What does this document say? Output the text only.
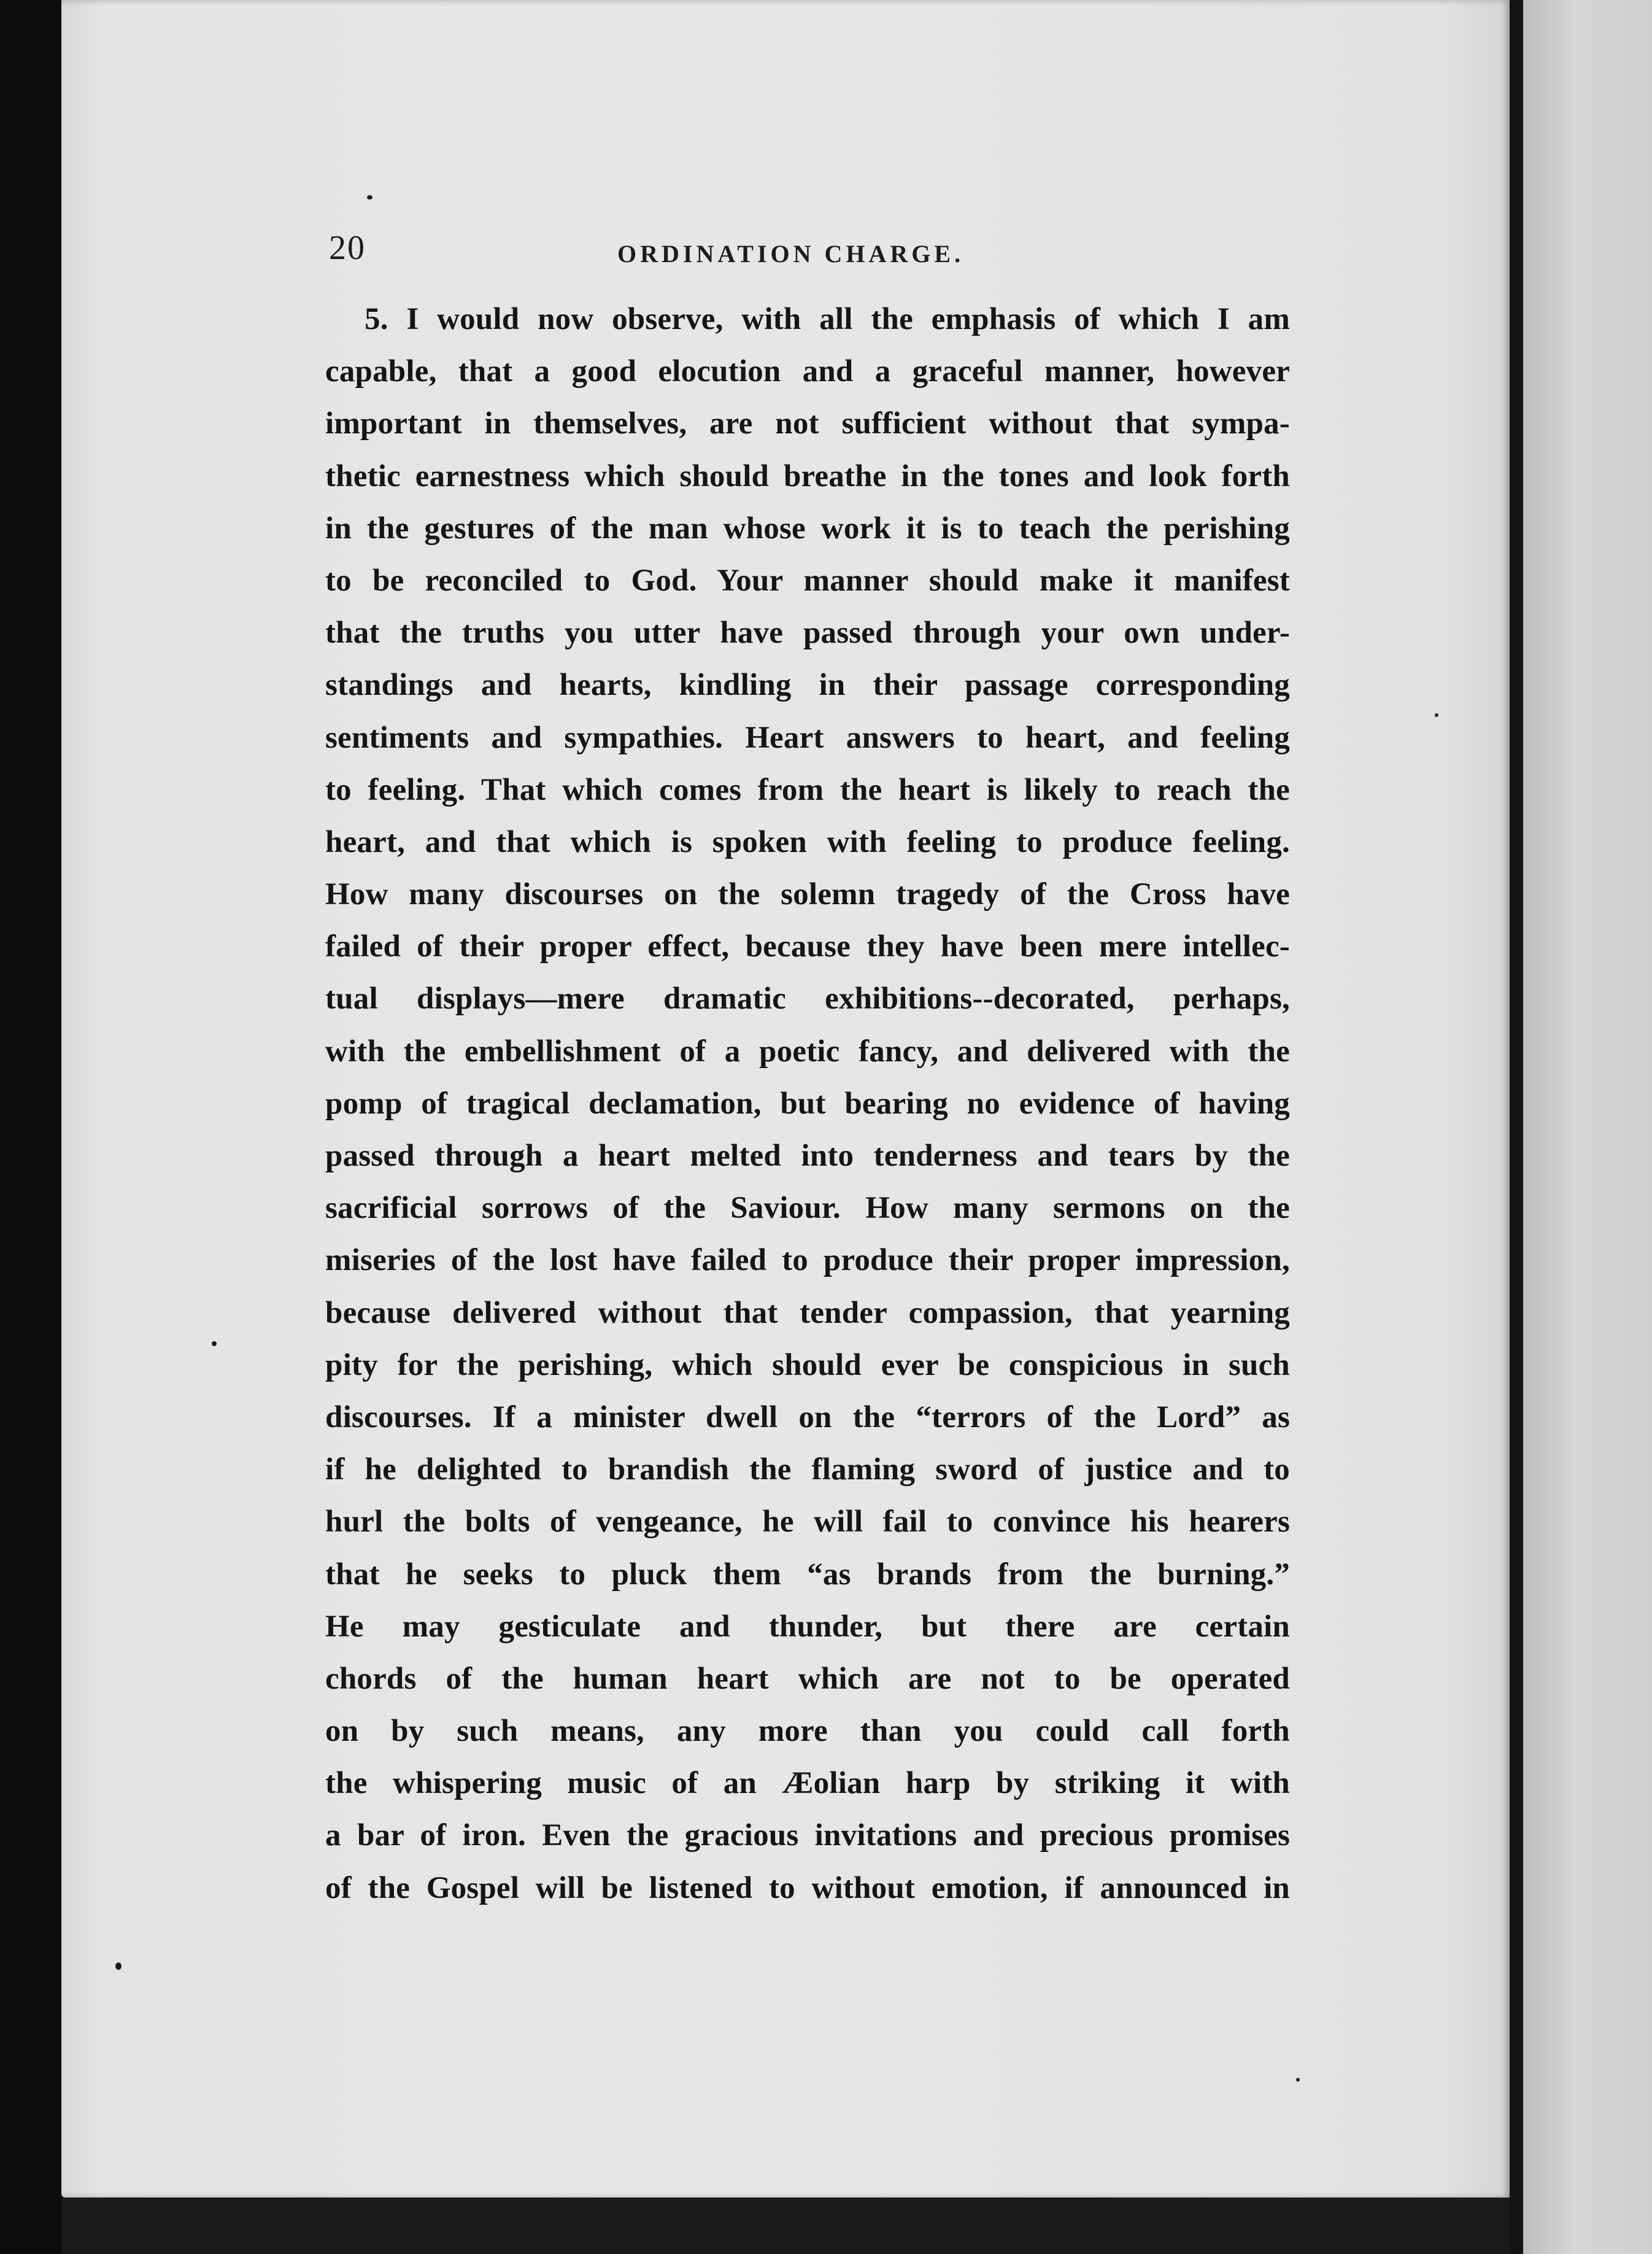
20	ORDINATION CHARGE.
5. I would now observe, with all the emphasis of which I am
capable, that a good elocution and a graceful manner, however
important in themselves, are not sufficient without that sympa-
thetic earnestness which should breathe in the tones and look forth
in the gestures of the man whose work it is to teach the perishing
to be reconciled to God. Your manner should make it manifest
that the truths you utter have passed through your own under-
standings and hearts, kindling in their passage corresponding
sentiments and sympathies. Heart answers to heart, and feeling
to feeling. That which comes from the heart is likely to reach the
heart, and that which is spoken with feeling to produce feeling.
How many discourses on the solemn tragedy of the Cross have
failed of their proper effect, because they have been mere intellec-
tual displays—mere dramatic exhibitions--decorated, perhaps,
with the embellishment of a poetic fancy, and delivered with the
pomp of tragical declamation, but bearing no evidence of having
passed through a heart melted into tenderness and tears by the
sacrificial sorrows of the Saviour. How many sermons on the
miseries of the lost have failed to produce their proper impression,
because delivered without that tender compassion, that yearning
pity for the perishing, which should ever be conspicious in such
discourses. If a minister dwell on the “terrors of the Lord” as
if he delighted to brandish the flaming sword of justice and to
hurl the bolts of vengeance, he will fail to convince his hearers
that he seeks to pluck them “as brands from the burning.”
He may gesticulate and thunder, but there are certain
chords of the human heart which are not to be operated
on by such means, any more than you could call forth
the whispering music of an Æolian harp by striking it with
a bar of iron. Even the gracious invitations and precious promises
of the Gospel will be listened to without emotion, if announced in
